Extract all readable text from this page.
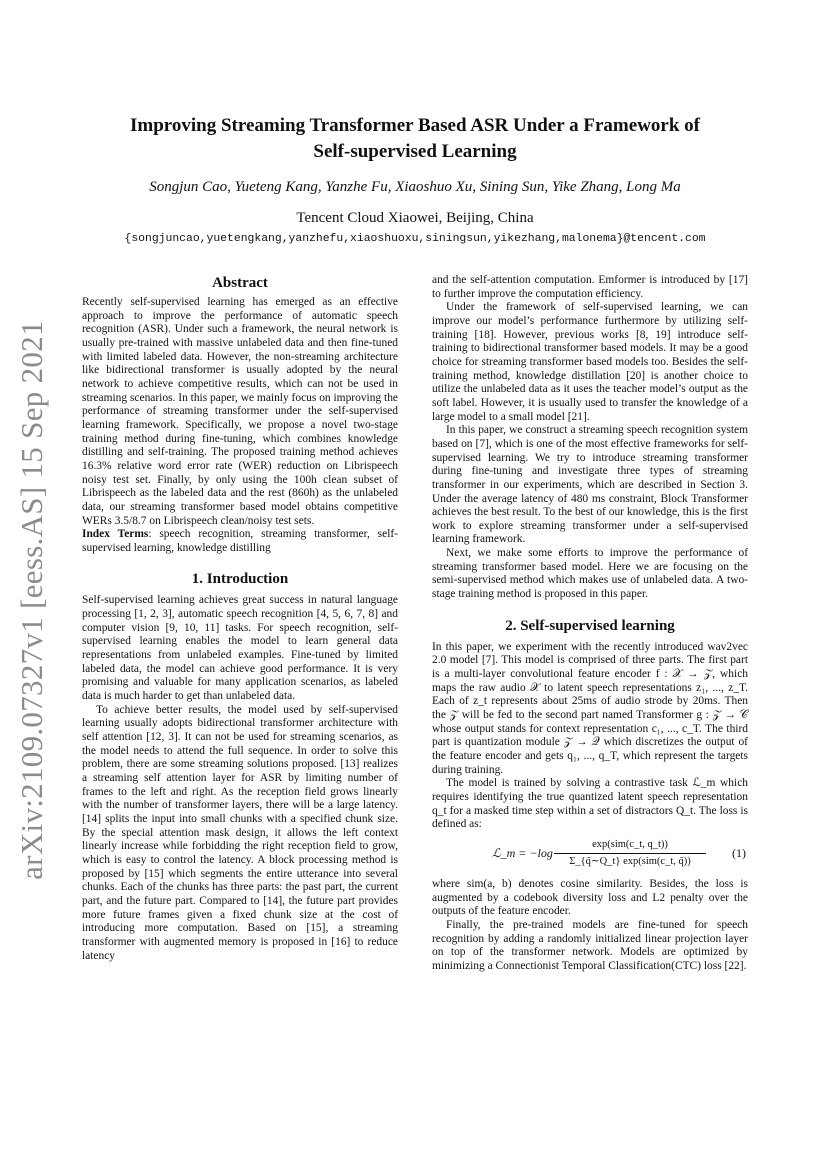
arXiv:2109.07327v1 [eess.AS] 15 Sep 2021
Improving Streaming Transformer Based ASR Under a Framework of
Self-supervised Learning
Songjun Cao, Yueteng Kang, Yanzhe Fu, Xiaoshuo Xu, Sining Sun, Yike Zhang, Long Ma
Tencent Cloud Xiaowei, Beijing, China
{songjuncao,yuetengkang,yanzhefu,xiaoshuoxu,siningsun,yikezhang,malonema}@tencent.com
Abstract

Recently self-supervised learning has emerged as an effective approach to improve the performance of automatic speech recognition (ASR). Under such a framework, the neural network is usually pre-trained with massive unlabeled data and then fine-tuned with limited labeled data. However, the non-streaming architecture like bidirectional transformer is usually adopted by the neural network to achieve competitive results, which can not be used in streaming scenarios. In this paper, we mainly focus on improving the performance of streaming transformer under the self-supervised learning framework. Specifically, we propose a novel two-stage training method during fine-tuning, which combines knowledge distilling and self-training. The proposed training method achieves 16.3% relative word error rate (WER) reduction on Librispeech noisy test set. Finally, by only using the 100h clean subset of Librispeech as the labeled data and the rest (860h) as the unlabeled data, our streaming transformer based model obtains competitive WERs 3.5/8.7 on Librispeech clean/noisy test sets.

Index Terms: speech recognition, streaming transformer, self-supervised learning, knowledge distilling

1. Introduction

Self-supervised learning achieves great success in natural language processing [1, 2, 3], automatic speech recognition [4, 5, 6, 7, 8] and computer vision [9, 10, 11] tasks. For speech recognition, self-supervised learning enables the model to learn general data representations from unlabeled examples. Fine-tuned by limited labeled data, the model can achieve good performance. It is very promising and valuable for many application scenarios, as labeled data is much harder to get than unlabeled data.

To achieve better results, the model used by self-supervised learning usually adopts bidirectional transformer architecture with self attention [12, 3]. It can not be used for streaming scenarios, as the model needs to attend the full sequence. In order to solve this problem, there are some streaming solutions proposed. [13] realizes a streaming self attention layer for ASR by limiting number of frames to the left and right. As the reception field grows linearly with the number of transformer layers, there will be a large latency. [14] splits the input into small chunks with a specified chunk size. By the special attention mask design, it allows the left context linearly increase while forbidding the right reception field to grow, which is easy to control the latency. A block processing method is proposed by [15] which segments the entire utterance into several chunks. Each of the chunks has three parts: the past part, the current part, and the future part. Compared to [14], the future part provides more future frames given a fixed chunk size at the cost of introducing more computation. Based on [15], a streaming transformer with augmented memory is proposed in [16] to reduce latency

and the self-attention computation. Emformer is introduced by [17] to further improve the computation efficiency.

Under the framework of self-supervised learning, we can improve our model’s performance furthermore by utilizing self-training [18]. However, previous works [8, 19] introduce self-training to bidirectional transformer based models. It may be a good choice for streaming transformer based models too. Besides the self-training method, knowledge distillation [20] is another choice to utilize the unlabeled data as it uses the teacher model’s output as the soft label. However, it is usually used to transfer the knowledge of a large model to a small model [21].

In this paper, we construct a streaming speech recognition system based on [7], which is one of the most effective frameworks for self-supervised learning. We try to introduce streaming transformer during fine-tuning and investigate three types of streaming transformer in our experiments, which are described in Section 3. Under the average latency of 480 ms constraint, Block Transformer achieves the best result. To the best of our knowledge, this is the first work to explore streaming transformer under a self-supervised learning framework.

Next, we make some efforts to improve the performance of streaming transformer based model. Here we are focusing on the semi-supervised method which makes use of unlabeled data. A two-stage training method is proposed in this paper.

2. Self-supervised learning

In this paper, we experiment with the recently introduced wav2vec 2.0 model [7]. This model is comprised of three parts. The first part is a multi-layer convolutional feature encoder f : 𝒳 → 𝒵, which maps the raw audio 𝒳 to latent speech representations z₁, ..., z_T. Each of z_t represents about 25ms of audio strode by 20ms. Then the 𝒵 will be fed to the second part named Transformer g : 𝒵 → 𝒞 whose output stands for context representation c₁, ..., c_T. The third part is quantization module 𝒵 → 𝒬 which discretizes the output of the feature encoder and gets q₁, ..., q_T, which represent the targets during training.

The model is trained by solving a contrastive task ℒ_m which requires identifying the true quantized latent speech representation q_t for a masked time step within a set of distractors Q_t. The loss is defined as:

ℒ_m = −log
exp(sim(c_t, q_t))
Σ_{q̃∼Q_t} exp(sim(c_t, q̃))
(1)

where sim(a, b) denotes cosine similarity. Besides, the loss is augmented by a codebook diversity loss and L2 penalty over the outputs of the feature encoder.

Finally, the pre-trained models are fine-tuned for speech recognition by adding a randomly initialized linear projection layer on top of the transformer network. Models are optimized by minimizing a Connectionist Temporal Classification(CTC) loss [22].
